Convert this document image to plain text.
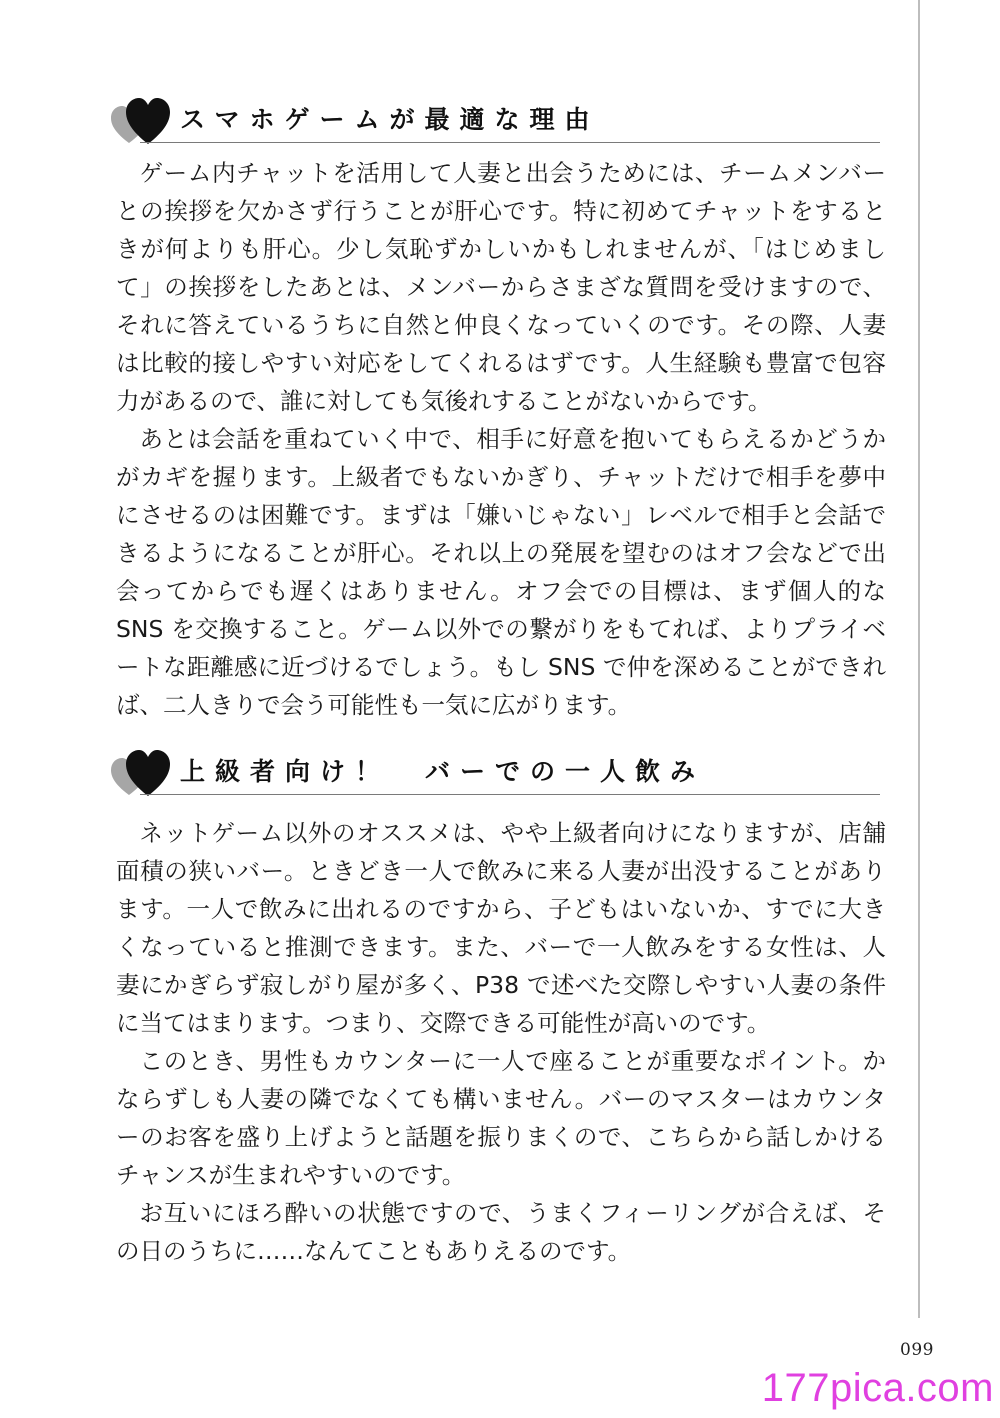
スマホゲームが最適な理由

ゲーム内チャットを活用して人妻と出会うためには、チームメンバーとの挨拶を欠かさず行うことが肝心です。特に初めてチャットをするときが何よりも肝心。少し気恥ずかしいかもしれませんが、「はじめまして」の挨拶をしたあとは、メンバーからさまざな質問を受けますので、それに答えているうちに自然と仲良くなっていくのです。その際、人妻は比較的接しやすい対応をしてくれるはずです。人生経験も豊富で包容力があるので、誰に対しても気後れすることがないからです。

あとは会話を重ねていく中で、相手に好意を抱いてもらえるかどうかがカギを握ります。上級者でもないかぎり、チャットだけで相手を夢中にさせるのは困難です。まずは「嫌いじゃない」レベルで相手と会話できるようになることが肝心。それ以上の発展を望むのはオフ会などで出会ってからでも遅くはありません。オフ会での目標は、まず個人的なSNS を交換すること。ゲーム以外での繋がりをもてれば、よりプライベートな距離感に近づけるでしょう。もし SNS で仲を深めることができれば、二人きりで会う可能性も一気に広がります。

上級者向け！　バーでの一人飲み

ネットゲーム以外のオススメは、やや上級者向けになりますが、店舗面積の狭いバー。ときどき一人で飲みに来る人妻が出没することがあります。一人で飲みに出れるのですから、子どもはいないか、すでに大きくなっていると推測できます。また、バーで一人飲みをする女性は、人妻にかぎらず寂しがり屋が多く、P38 で述べた交際しやすい人妻の条件に当てはまります。つまり、交際できる可能性が高いのです。

このとき、男性もカウンターに一人で座ることが重要なポイント。かならずしも人妻の隣でなくても構いません。バーのマスターはカウンターのお客を盛り上げようと話題を振りまくので、こちらから話しかけるチャンスが生まれやすいのです。

お互いにほろ酔いの状態ですので、うまくフィーリングが合えば、その日のうちに……なんてこともありえるのです。

099
177pica.com
